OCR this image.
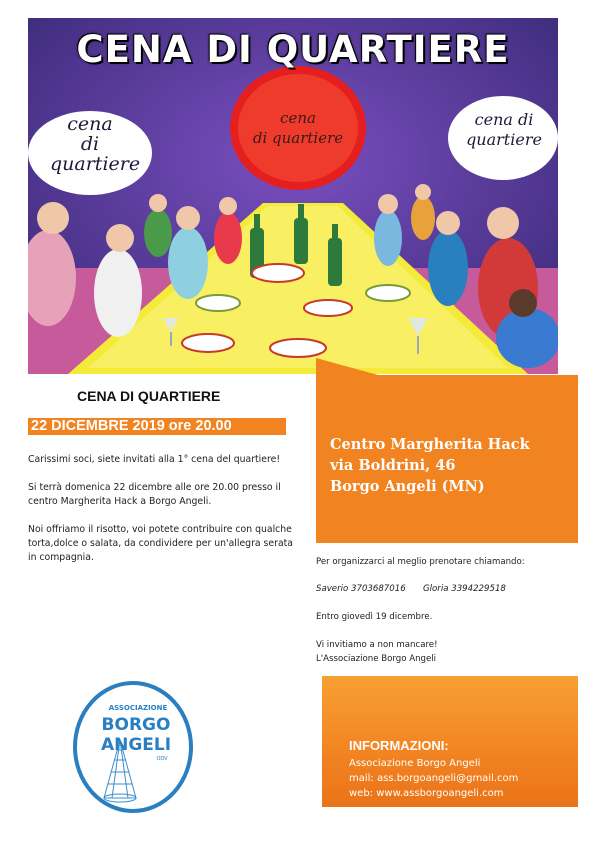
CENA DI QUARTIERE
cena
di
quartiere
cena
di quartiere
cena di
quartiere
CENA DI QUARTIERE
22 DICEMBRE 2019 ore 20.00
Carissimi soci, siete invitati alla 1° cena del quartiere!
Si terrà domenica 22 dicembre alle ore 20.00 presso il
centro Margherita Hack a Borgo Angeli.
Noi offriamo il risotto, voi potete contribuire con qualche
torta,dolce o salata, da condividere per un'allegra serata
in compagnia.
Centro Margherita Hack
via Boldrini, 46
Borgo Angeli (MN)
Per organizzarci al meglio prenotare chiamando:
Saverio 3703687016 Gloria 3394229518
Entro giovedì 19 dicembre.
Vi invitiamo a non mancare!
L'Associazione Borgo Angeli
ASSOCIAZIONE
BORGO
ANGELI
ODV
INFORMAZIONI:
Associazione Borgo Angeli
mail: ass.borgoangeli@gmail.com
web: www.assborgoangeli.com
